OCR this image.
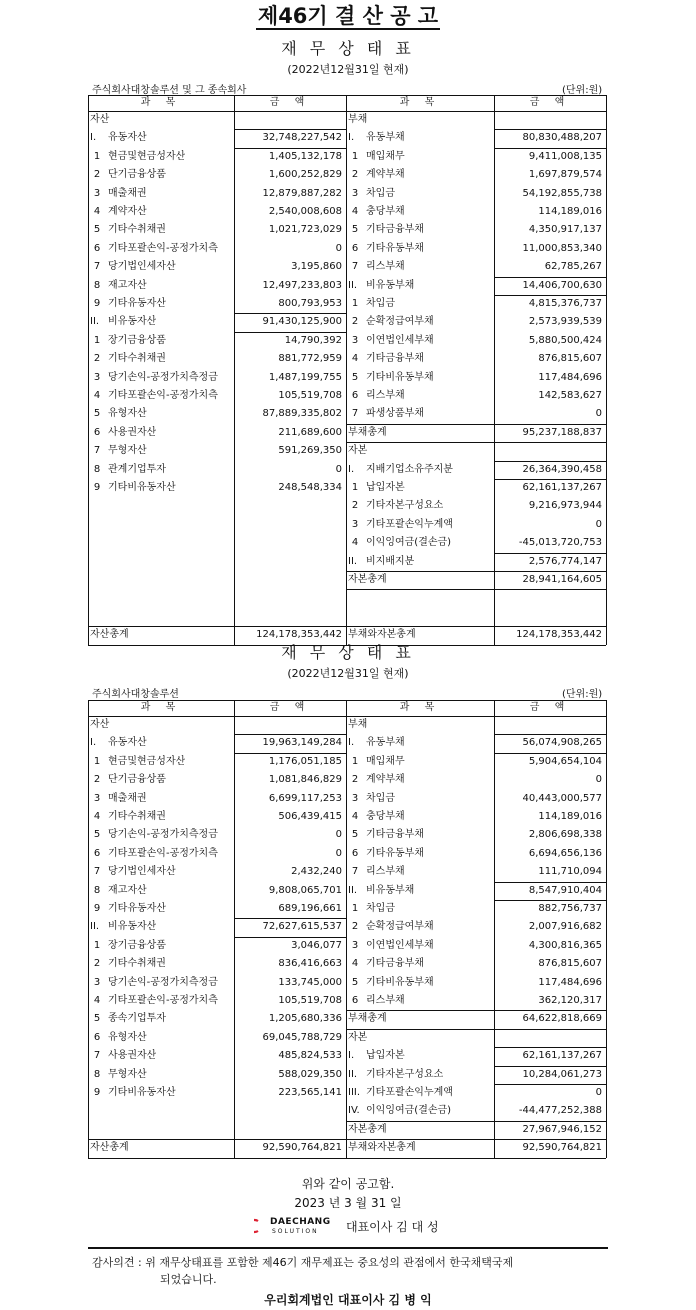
제46기 결 산 공 고
재 무 상 태 표
(2022년12월31일 현재)
주식회사대창솔루션 및 그 종속회사	(단위:원)
과 목	금 액	과 목	금 액
자산
I. 유동자산	32,748,227,542
1 현금및현금성자산	1,405,132,178
2 단기금융상품	1,600,252,829
3 매출채권	12,879,887,282
4 계약자산	2,540,008,608
5 기타수취채권	1,021,723,029
6 기타포괄손익-공정가치측	0
7 당기법인세자산	3,195,860
8 재고자산	12,497,233,803
9 기타유동자산	800,793,953
II. 비유동자산	91,430,125,900
1 장기금융상품	14,790,392
2 기타수취채권	881,772,959
3 당기손익-공정가치측정금	1,487,199,755
4 기타포괄손익-공정가치측	105,519,708
5 유형자산	87,889,335,802
6 사용권자산	211,689,600
7 무형자산	591,269,350
8 관계기업투자	0
9 기타비유동자산	248,548,334
부채
I. 유동부채	80,830,488,207
1 매입채무	9,411,008,135
2 계약부채	1,697,879,574
3 차입금	54,192,855,738
4 충당부채	114,189,016
5 기타금융부채	4,350,917,137
6 기타유동부채	11,000,853,340
7 리스부채	62,785,267
II. 비유동부채	14,406,700,630
1 차입금	4,815,376,737
2 순확정급여부채	2,573,939,539
3 이연법인세부채	5,880,500,424
4 기타금융부채	876,815,607
5 기타비유동부채	117,484,696
6 리스부채	142,583,627
7 파생상품부채	0
부채총계	95,237,188,837
자본
I. 지배기업소유주지분	26,364,390,458
1 납입자본	62,161,137,267
2 기타자본구성요소	9,216,973,944
3 기타포괄손익누계액	0
4 이익잉여금(결손금)	-45,013,720,753
II. 비지배지분	2,576,774,147
자본총계	28,941,164,605
자산총계	124,178,353,442 부채와자본총계	124,178,353,442
재 무 상 태 표
(2022년12월31일 현재)
주식회사대창솔루션	(단위:원)
과 목	금 액	과 목	금 액
자산
I. 유동자산	19,963,149,284
1 현금및현금성자산	1,176,051,185
2 단기금융상품	1,081,846,829
3 매출채권	6,699,117,253
4 기타수취채권	506,439,415
5 당기손익-공정가치측정금	0
6 기타포괄손익-공정가치측	0
7 당기법인세자산	2,432,240
8 재고자산	9,808,065,701
9 기타유동자산	689,196,661
II. 비유동자산	72,627,615,537
1 장기금융상품	3,046,077
2 기타수취채권	836,416,663
3 당기손익-공정가치측정금	133,745,000
4 기타포괄손익-공정가치측	105,519,708
5 종속기업투자	1,205,680,336
6 유형자산	69,045,788,729
7 사용권자산	485,824,533
8 무형자산	588,029,350
9 기타비유동자산	223,565,141
부채
I. 유동부채	56,074,908,265
1 매입채무	5,904,654,104
2 계약부채	0
3 차입금	40,443,000,577
4 충당부채	114,189,016
5 기타금융부채	2,806,698,338
6 기타유동부채	6,694,656,136
7 리스부채	111,710,094
II. 비유동부채	8,547,910,404
1 차입금	882,756,737
2 순확정급여부채	2,007,916,682
3 이연법인세부채	4,300,816,365
4 기타금융부채	876,815,607
5 기타비유동부채	117,484,696
6 리스부채	362,120,317
부채총계	64,622,818,669
자본
I. 납입자본	62,161,137,267
II. 기타자본구성요소	10,284,061,273
III. 기타포괄손익누계액	0
IV. 이익잉여금(결손금)	-44,477,252,388
자본총계	27,967,946,152
자산총계	92,590,764,821 부채와자본총계	92,590,764,821
위와 같이 공고함.
2023 년 3 월 31 일
DAECHANG
SOLUTION 대표이사 김 대 성
감사의견 : 위 재무상태표를 포함한 제46기 재무제표는 중요성의 관점에서 한국채택국제
되었습니다.
우리회계법인 대표이사 김 병 익
